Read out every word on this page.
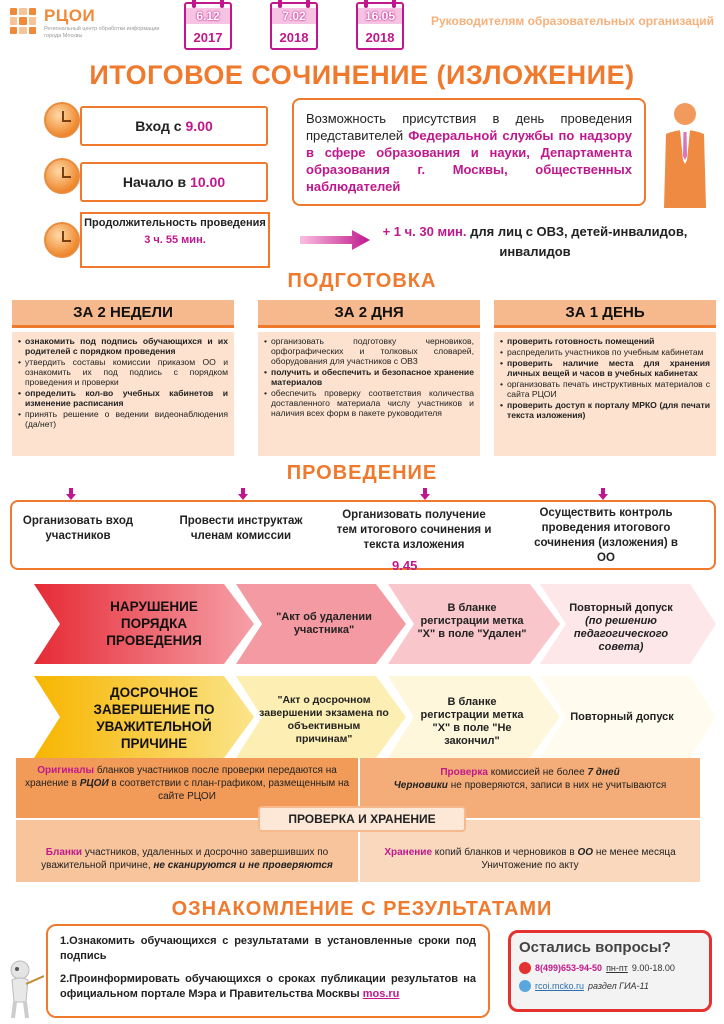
РЦОИ
Региональный центр обработки информации города Москвы
6.12
2017
7.02
2018
16.05
2018
Руководителям образовательных организаций
ИТОГОВОЕ СОЧИНЕНИЕ (ИЗЛОЖЕНИЕ)
Вход с 9.00
Начало в 10.00
Продолжительность проведения
3 ч. 55 мин.
Возможность присутствия в день проведения представителей Федеральной службы по надзору в сфере образования и науки, Департамента образования г. Москвы, общественных наблюдателей
+ 1 ч. 30 мин. для лиц с ОВЗ, детей-инвалидов, инвалидов
ПОДГОТОВКА
ЗА 2 НЕДЕЛИ
• ознакомить под подпись обучающихся и их родителей с порядком проведения
• утвердить составы комиссии приказом ОО и ознакомить их под подпись с порядком проведения и проверки
• определить кол-во учебных кабинетов и изменение расписания
• принять решение о ведении видеонаблюдения (да/нет)
ЗА 2 ДНЯ
• организовать подготовку черновиков, орфографических и толковых словарей, оборудования для участников с ОВЗ
• получить и обеспечить и безопасное хранение материалов
• обеспечить проверку соответствия количества доставленного материала числу участников и наличия всех форм в пакете руководителя
ЗА 1 ДЕНЬ
• проверить готовность помещений
• распределить участников по учебным кабинетам
• проверить наличие места для хранения личных вещей и часов в учебных кабинетах
• организовать печать инструктивных материалов с сайта РЦОИ
• проверить доступ к порталу МРКО (для печати текста изложения)
ПРОВЕДЕНИЕ
Организовать вход участников
Провести инструктаж членам комиссии
Организовать получение тем итогового сочинения и текста изложения
9.45
Осуществить контроль проведения итогового сочинения (изложения) в ОО
НАРУШЕНИЕ ПОРЯДКА ПРОВЕДЕНИЯ
"Акт об удалении участника"
В бланке регистрации метка "Х" в поле "Удален"
Повторный допуск
(по решению педагогического совета)
ДОСРОЧНОЕ ЗАВЕРШЕНИЕ ПО УВАЖИТЕЛЬНОЙ ПРИЧИНЕ
"Акт о досрочном завершении экзамена по объективным причинам"
В бланке регистрации метка "Х" в поле "Не закончил"
Повторный допуск
Оригиналы бланков участников после проверки передаются на хранение в РЦОИ в соответствии с план-графиком, размещенным на сайте РЦОИ
Проверка комиссией не более 7 дней
Черновики не проверяются, записи в них не учитываются
ПРОВЕРКА И ХРАНЕНИЕ
Бланки участников, удаленных и досрочно завершивших по уважительной причине, не сканируются и не проверяются
Хранение копий бланков и черновиков в ОО не менее месяца
Уничтожение по акту
ОЗНАКОМЛЕНИЕ С РЕЗУЛЬТАТАМИ

1.Ознакомить обучающихся с результатами в установленные сроки под подпись

2.Проинформировать обучающихся о сроках публикации результатов на официальном портале Мэра и Правительства Москвы mos.ru

Остались вопросы?
8(499)653-94-50 пн-пт 9.00-18.00
rcoi.mcko.ru раздел ГИА-11
